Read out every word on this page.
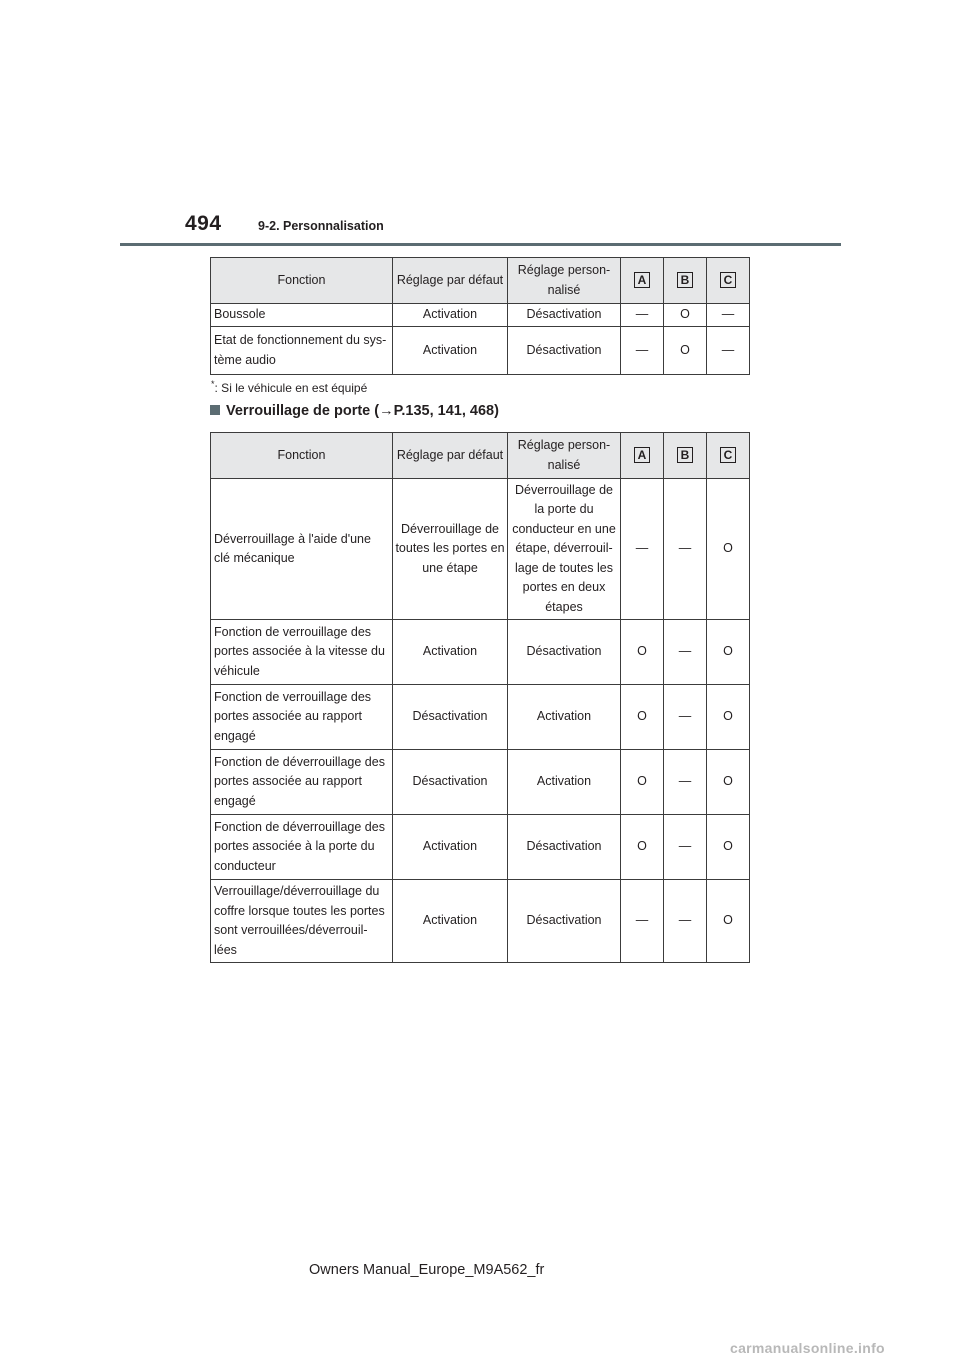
494	9-2. Personnalisation
Fonction	Réglage par défaut	Réglage person-nalisé	A	B	C
Boussole	Activation	Désactivation	—	O	—
Etat de fonctionnement du sys-tème audio	Activation	Désactivation	—	O	—
*: Si le véhicule en est équipé
Verrouillage de porte (→P.135, 141, 468)
Fonction	Réglage par défaut	Réglage person-nalisé	A	B	C
Déverrouillage à l'aide d'une clé mécanique	Déverrouillage de toutes les portes en une étape	Déverrouillage de la porte du conducteur en une étape, déverrouil-lage de toutes les portes en deux étapes	—	—	O
Fonction de verrouillage des portes associée à la vitesse du véhicule	Activation	Désactivation	O	—	O
Fonction de verrouillage des portes associée au rapport engagé	Désactivation	Activation	O	—	O
Fonction de déverrouillage des portes associée au rapport engagé	Désactivation	Activation	O	—	O
Fonction de déverrouillage des portes associée à la porte du conducteur	Activation	Désactivation	O	—	O
Verrouillage/déverrouillage du coffre lorsque toutes les portes sont verrouillées/déverrouil-lées	Activation	Désactivation	—	—	O
Owners Manual_Europe_M9A562_fr
carmanualsonline.info
